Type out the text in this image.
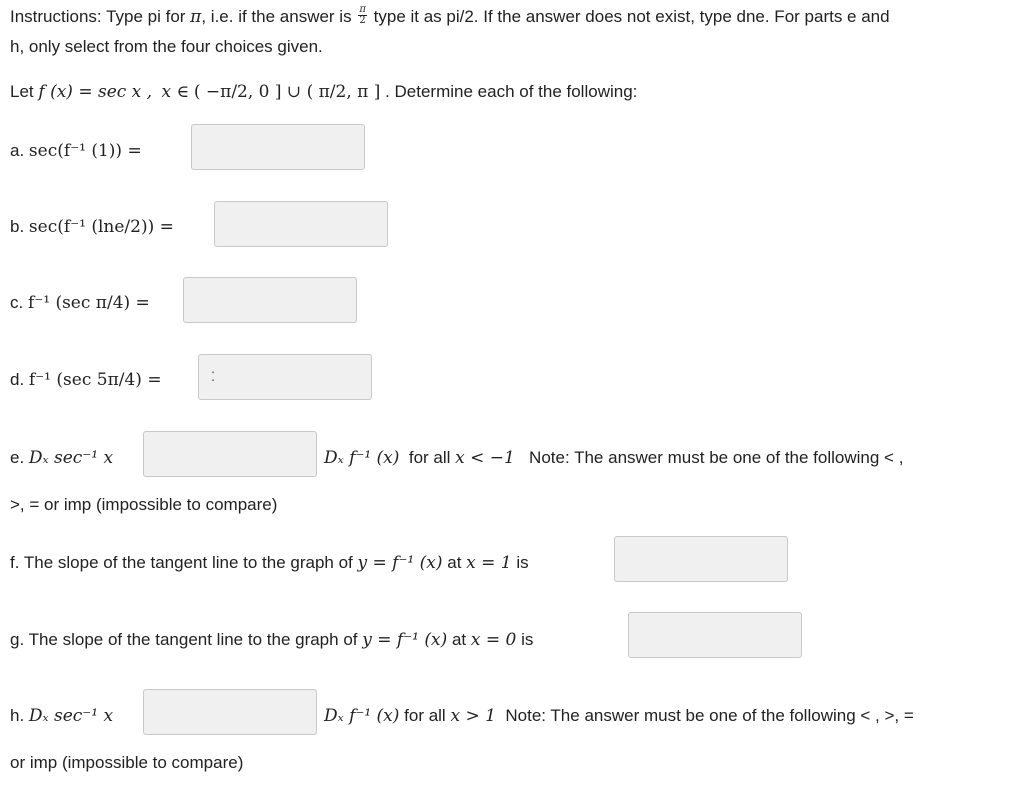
Instructions: Type pi for π, i.e. if the answer is $\frac{\pi}{2}$ type it as pi/2. If the answer does not exist, type dne. For parts e and
h, only select from the four choices given.
Let f (x) = sec x , x ∈ ( −π/2, 0 ] ∪ ( π/2, π ] . Determine each of the following:
a. sec(f⁻¹ (1)) =
b. sec(f⁻¹ (lne/2)) =
c. f⁻¹ (sec π/4) =
d. f⁻¹ (sec 5π/4) =	⁚
e. Dₓ sec⁻¹ x	Dₓ f⁻¹ (x) for all x < −1 Note: The answer must be one of the following < ,
>, = or imp (impossible to compare)
f. The slope of the tangent line to the graph of y = f⁻¹ (x) at x = 1 is
g. The slope of the tangent line to the graph of y = f⁻¹ (x) at x = 0 is
h. Dₓ sec⁻¹ x	Dₓ f⁻¹ (x) for all x > 1 Note: The answer must be one of the following < , >, =
or imp (impossible to compare)
